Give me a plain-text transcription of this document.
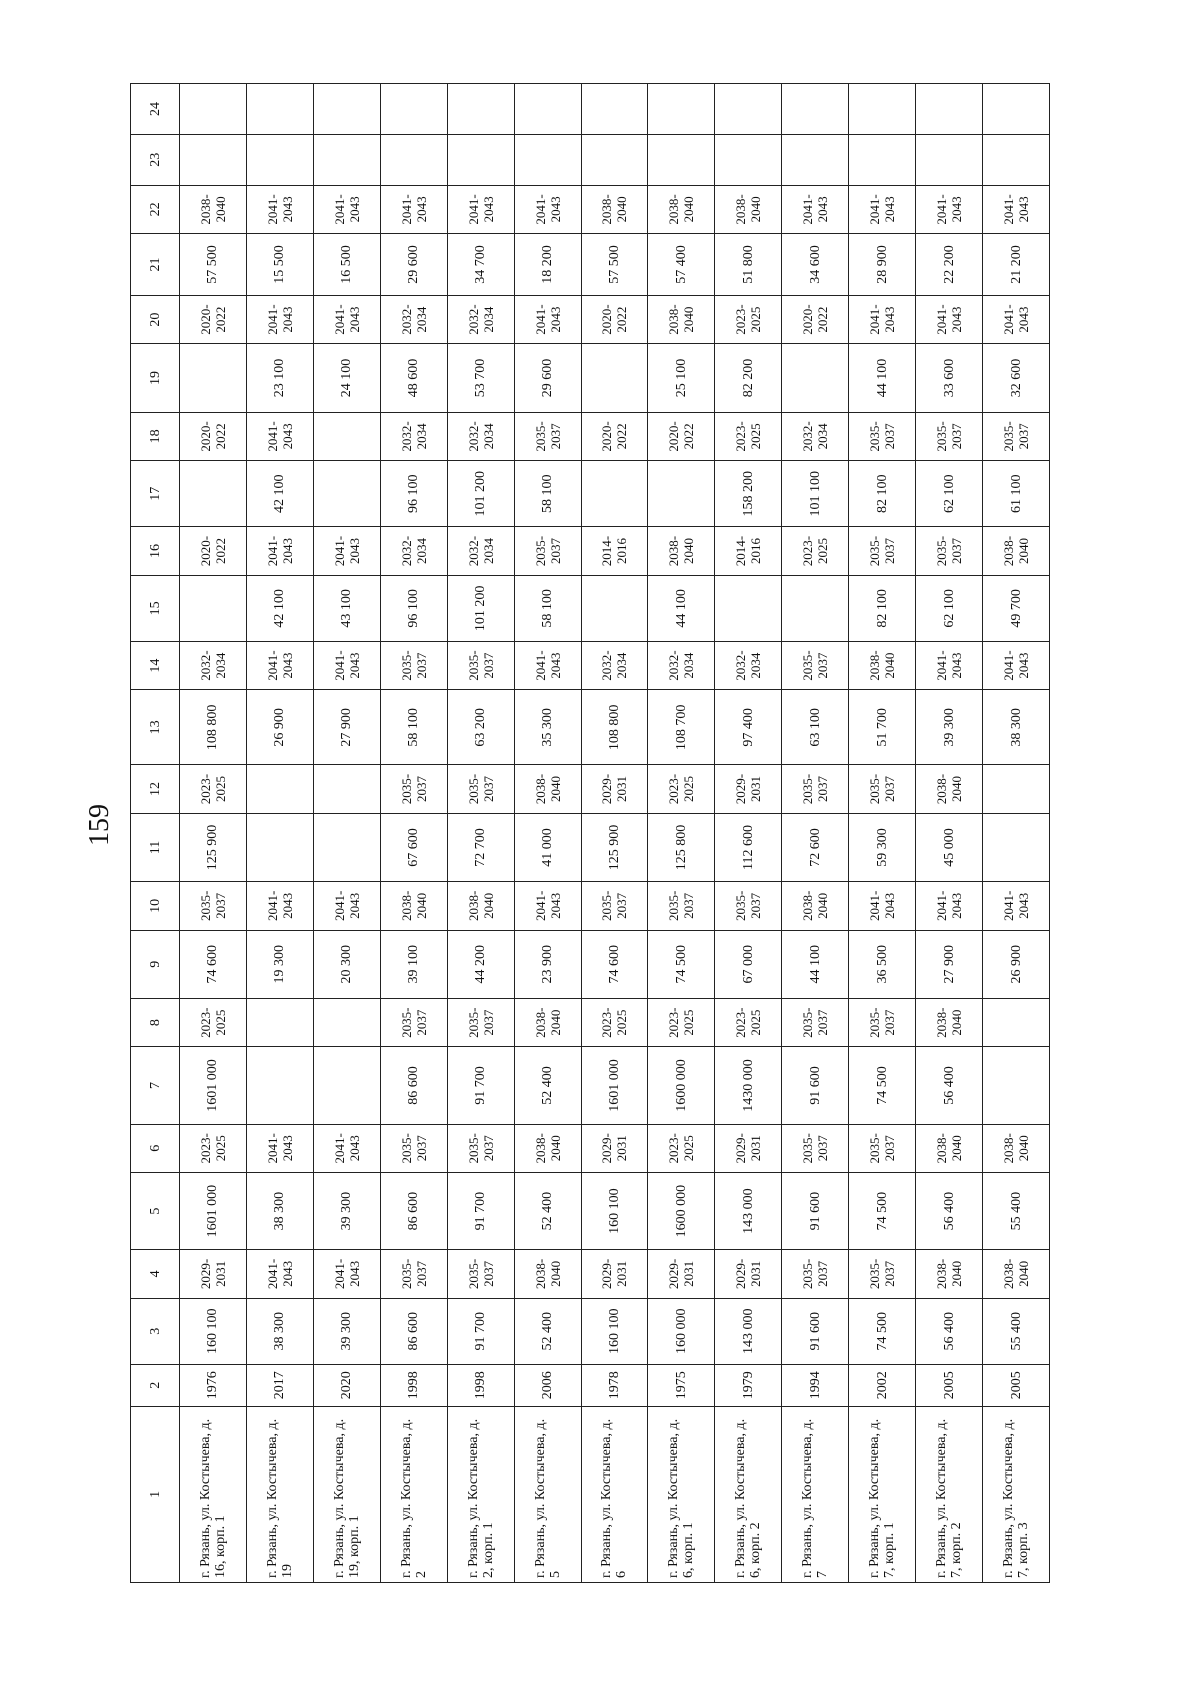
159
1	2	3	4	5	6	7	8	9	10	11	12	13	14	15	16	17	18	19	20	21	22	23	24
г. Рязань, ул. Костычева, д. 16, корп. 1	1976	160 100	2029-2031	1601 000	2023-2025	1601 000	2023-2025	74 600	2035-2037	125 900	2023-2025	108 800	2032-2034		2020-2022		2020-2022		2020-2022	57 500	2038-2040		
г. Рязань, ул. Костычева, д. 19	2017	38 300	2041-2043	38 300	2041-2043			19 300	2041-2043			26 900	2041-2043	42 100	2041-2043	42 100	2041-2043	23 100	2041-2043	15 500	2041-2043		
г. Рязань, ул. Костычева, д. 19, корп. 1	2020	39 300	2041-2043	39 300	2041-2043			20 300	2041-2043			27 900	2041-2043	43 100	2041-2043			24 100	2041-2043	16 500	2041-2043		
г. Рязань, ул. Костычева, д. 2	1998	86 600	2035-2037	86 600	2035-2037	86 600	2035-2037	39 100	2038-2040	67 600	2035-2037	58 100	2035-2037	96 100	2032-2034	96 100	2032-2034	48 600	2032-2034	29 600	2041-2043		
г. Рязань, ул. Костычева, д. 2, корп. 1	1998	91 700	2035-2037	91 700	2035-2037	91 700	2035-2037	44 200	2038-2040	72 700	2035-2037	63 200	2035-2037	101 200	2032-2034	101 200	2032-2034	53 700	2032-2034	34 700	2041-2043		
г. Рязань, ул. Костычева, д. 5	2006	52 400	2038-2040	52 400	2038-2040	52 400	2038-2040	23 900	2041-2043	41 000	2038-2040	35 300	2041-2043	58 100	2035-2037	58 100	2035-2037	29 600	2041-2043	18 200	2041-2043		
г. Рязань, ул. Костычева, д. 6	1978	160 100	2029-2031	160 100	2029-2031	1601 000	2023-2025	74 600	2035-2037	125 900	2029-2031	108 800	2032-2034		2014-2016		2020-2022		2020-2022	57 500	2038-2040		
г. Рязань, ул. Костычева, д. 6, корп. 1	1975	160 000	2029-2031	1600 000	2023-2025	1600 000	2023-2025	74 500	2035-2037	125 800	2023-2025	108 700	2032-2034	44 100	2038-2040		2020-2022	25 100	2038-2040	57 400	2038-2040		
г. Рязань, ул. Костычева, д. 6, корп. 2	1979	143 000	2029-2031	143 000	2029-2031	1430 000	2023-2025	67 000	2035-2037	112 600	2029-2031	97 400	2032-2034		2014-2016	158 200	2023-2025	82 200	2023-2025	51 800	2038-2040		
г. Рязань, ул. Костычева, д. 7	1994	91 600	2035-2037	91 600	2035-2037	91 600	2035-2037	44 100	2038-2040	72 600	2035-2037	63 100	2035-2037		2023-2025	101 100	2032-2034		2020-2022	34 600	2041-2043		
г. Рязань, ул. Костычева, д. 7, корп. 1	2002	74 500	2035-2037	74 500	2035-2037	74 500	2035-2037	36 500	2041-2043	59 300	2035-2037	51 700	2038-2040	82 100	2035-2037	82 100	2035-2037	44 100	2041-2043	28 900	2041-2043		
г. Рязань, ул. Костычева, д. 7, корп. 2	2005	56 400	2038-2040	56 400	2038-2040	56 400	2038-2040	27 900	2041-2043	45 000	2038-2040	39 300	2041-2043	62 100	2035-2037	62 100	2035-2037	33 600	2041-2043	22 200	2041-2043		
г. Рязань, ул. Костычева, д. 7, корп. 3	2005	55 400	2038-2040	55 400	2038-2040			26 900	2041-2043			38 300	2041-2043	49 700	2038-2040	61 100	2035-2037	32 600	2041-2043	21 200	2041-2043		
